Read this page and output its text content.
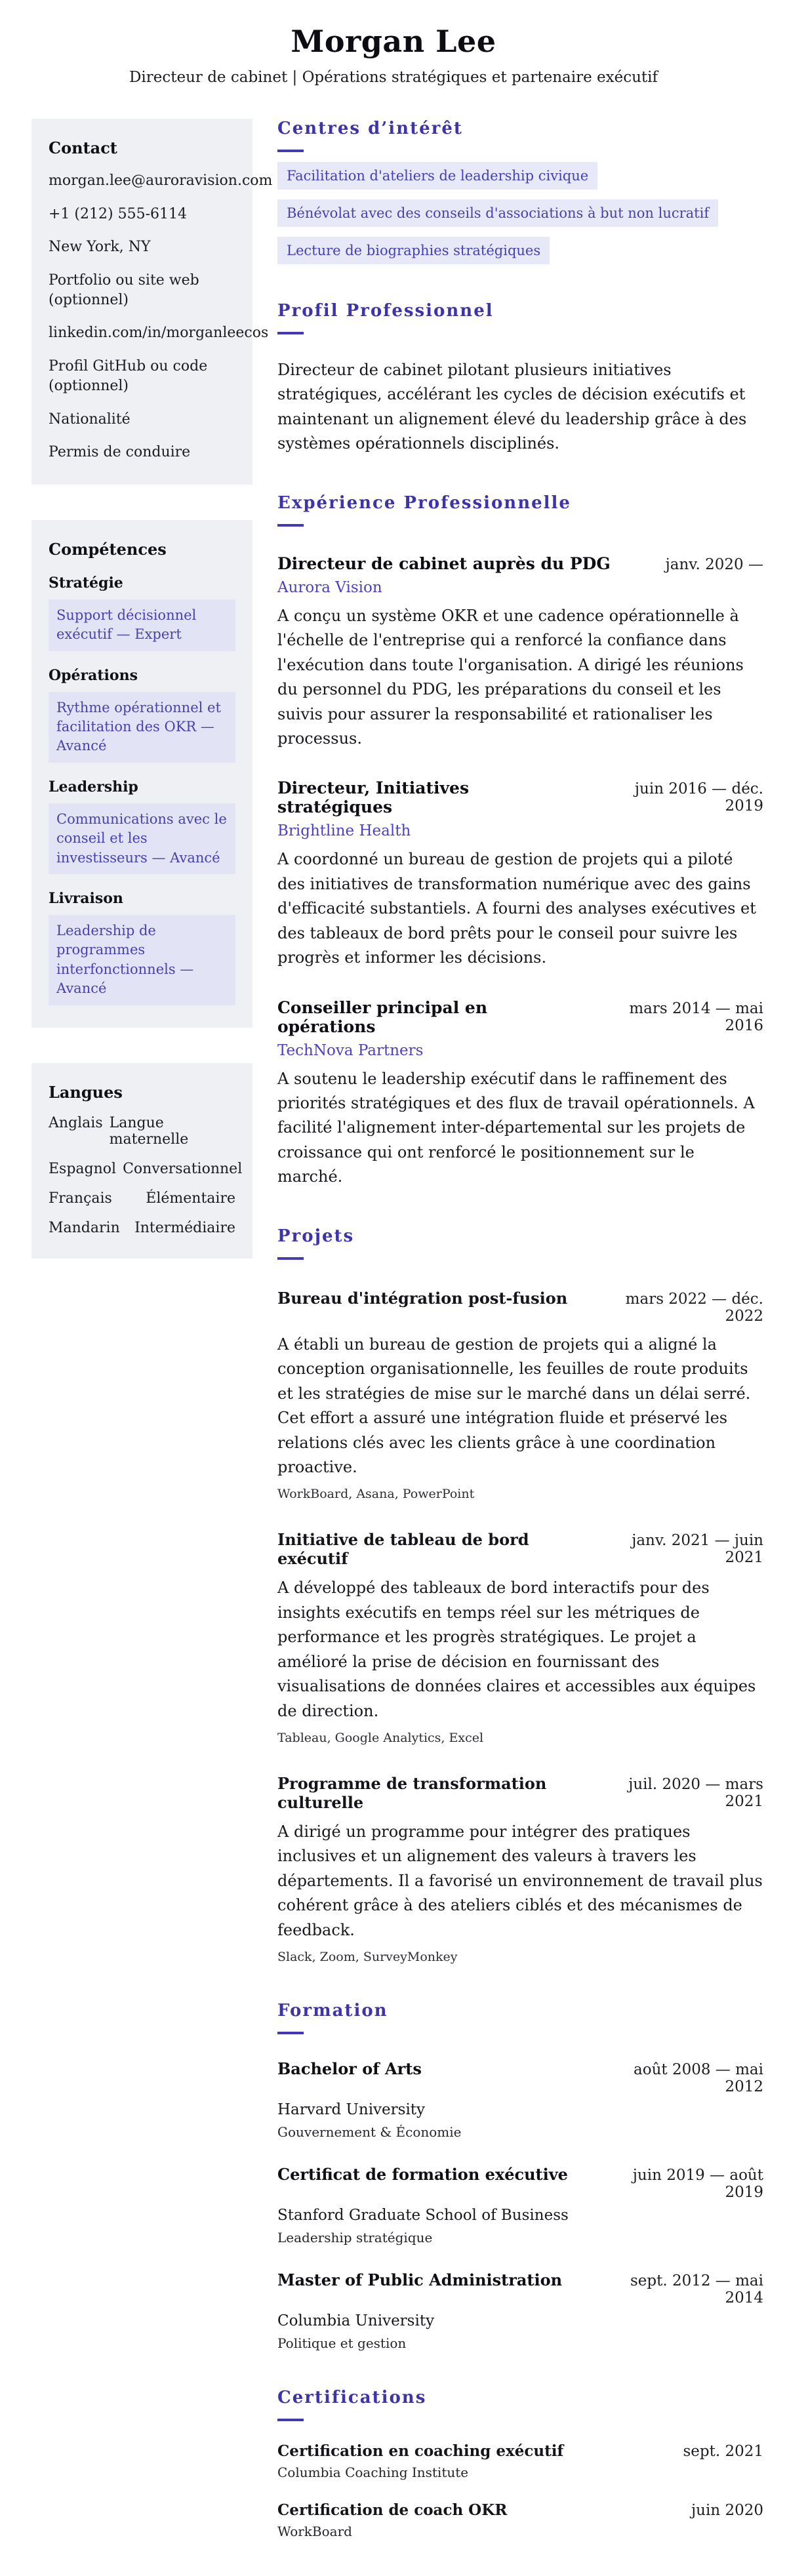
Morgan Lee
Directeur de cabinet | Opérations stratégiques et partenaire exécutif
Contact
morgan.lee@auroravision.com
+1 (212) 555-6114
New York, NY
Portfolio ou site web (optionnel)
linkedin.com/in/morganleecos
Profil GitHub ou code (optionnel)
Nationalité
Permis de conduire
Compétences
Stratégie
Support décisionnel exécutif — Expert
Opérations
Rythme opérationnel et facilitation des OKR — Avancé
Leadership
Communications avec le conseil et les investisseurs — Avancé
Livraison
Leadership de programmes interfonctionnels — Avancé
Langues
Anglais Langue maternelle
Espagnol Conversationnel
Français Élémentaire
Mandarin Intermédiaire
Centres d’intérêt
Facilitation d'ateliers de leadership civique
Bénévolat avec des conseils d'associations à but non lucratif
Lecture de biographies stratégiques
Profil Professionnel

Directeur de cabinet pilotant plusieurs initiatives stratégiques, accélérant les cycles de décision exécutifs et maintenant un alignement élevé du leadership grâce à des systèmes opérationnels disciplinés.

Expérience Professionnelle
Directeur de cabinet auprès du PDG	janv. 2020 —
Aurora Vision

A conçu un système OKR et une cadence opérationnelle à l'échelle de l'entreprise qui a renforcé la confiance dans l'exécution dans toute l'organisation. A dirigé les réunions du personnel du PDG, les préparations du conseil et les suivis pour assurer la responsabilité et rationaliser les processus.

Directeur, Initiatives stratégiques
juin 2016 — déc. 2019
Brightline Health

A coordonné un bureau de gestion de projets qui a piloté des initiatives de transformation numérique avec des gains d'efficacité substantiels. A fourni des analyses exécutives et des tableaux de bord prêts pour le conseil pour suivre les progrès et informer les décisions.

Conseiller principal en opérations
mars 2014 — mai 2016
TechNova Partners

A soutenu le leadership exécutif dans le raffinement des priorités stratégiques et des flux de travail opérationnels. A facilité l'alignement inter-départemental sur les projets de croissance qui ont renforcé le positionnement sur le marché.

Projets
Bureau d'intégration post-fusion	mars 2022 — déc. 2022

A établi un bureau de gestion de projets qui a aligné la conception organisationnelle, les feuilles de route produits et les stratégies de mise sur le marché dans un délai serré. Cet effort a assuré une intégration fluide et préservé les relations clés avec les clients grâce à une coordination proactive.

WorkBoard, Asana, PowerPoint
Initiative de tableau de bord exécutif
janv. 2021 — juin 2021

A développé des tableaux de bord interactifs pour des insights exécutifs en temps réel sur les métriques de performance et les progrès stratégiques. Le projet a amélioré la prise de décision en fournissant des visualisations de données claires et accessibles aux équipes de direction.

Tableau, Google Analytics, Excel
Programme de transformation culturelle
juil. 2020 — mars 2021

A dirigé un programme pour intégrer des pratiques inclusives et un alignement des valeurs à travers les départements. Il a favorisé un environnement de travail plus cohérent grâce à des ateliers ciblés et des mécanismes de feedback.

Slack, Zoom, SurveyMonkey
Formation
Bachelor of Arts	août 2008 — mai 2012
Harvard University
Gouvernement & Économie
Certificat de formation exécutive	juin 2019 — août 2019
Stanford Graduate School of Business
Leadership stratégique
Master of Public Administration	sept. 2012 — mai 2014
Columbia University
Politique et gestion
Certifications
Certification en coaching exécutif	sept. 2021
Columbia Coaching Institute
Certification de coach OKR	juin 2020
WorkBoard
